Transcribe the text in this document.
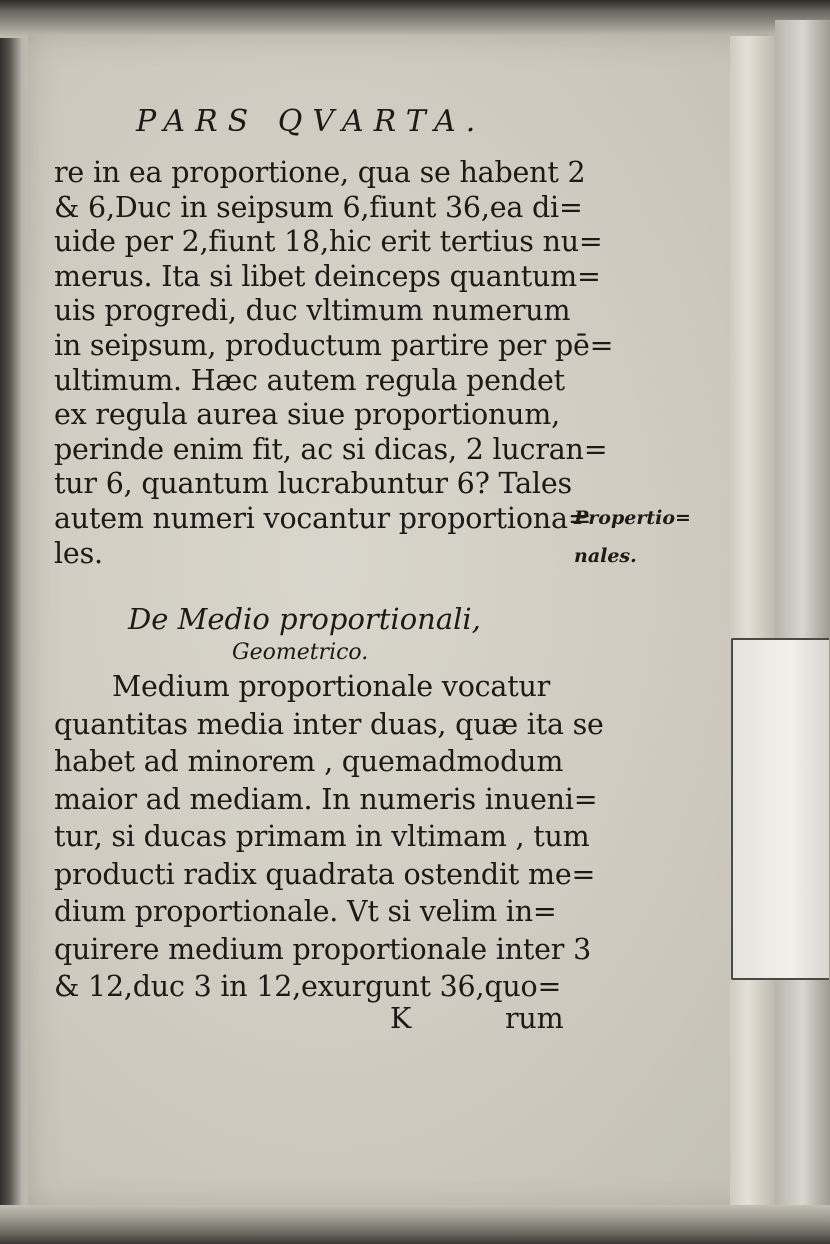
PARS QVARTA.
re in ea proportione, qua se habent 2
& 6,Duc in seipsum 6,fiunt 36,ea di=
uide per 2,fiunt 18,hic erit tertius nu=
merus. Ita si libet deinceps quantum=
uis progredi, duc vltimum numerum
in seipsum, productum partire per pē=
ultimum. Hæc autem regula pendet
ex regula aurea siue proportionum,
perinde enim fit, ac si dicas, 2 lucran=
tur 6, quantum lucrabuntur 6? Tales
autem numeri vocantur proportiona=
les.
Propertio=
nales.
De Medio proportionali,
Geometrico.
Medium proportionale vocatur
quantitas media inter duas, quæ ita se
habet ad minorem , quemadmodum
maior ad mediam. In numeris inueni=
tur, si ducas primam in vltimam , tum
producti radix quadrata ostendit me=
dium proportionale. Vt si velim in=
quirere medium proportionale inter 3
& 12,duc 3 in 12,exurgunt 36,quo=
K	rum
